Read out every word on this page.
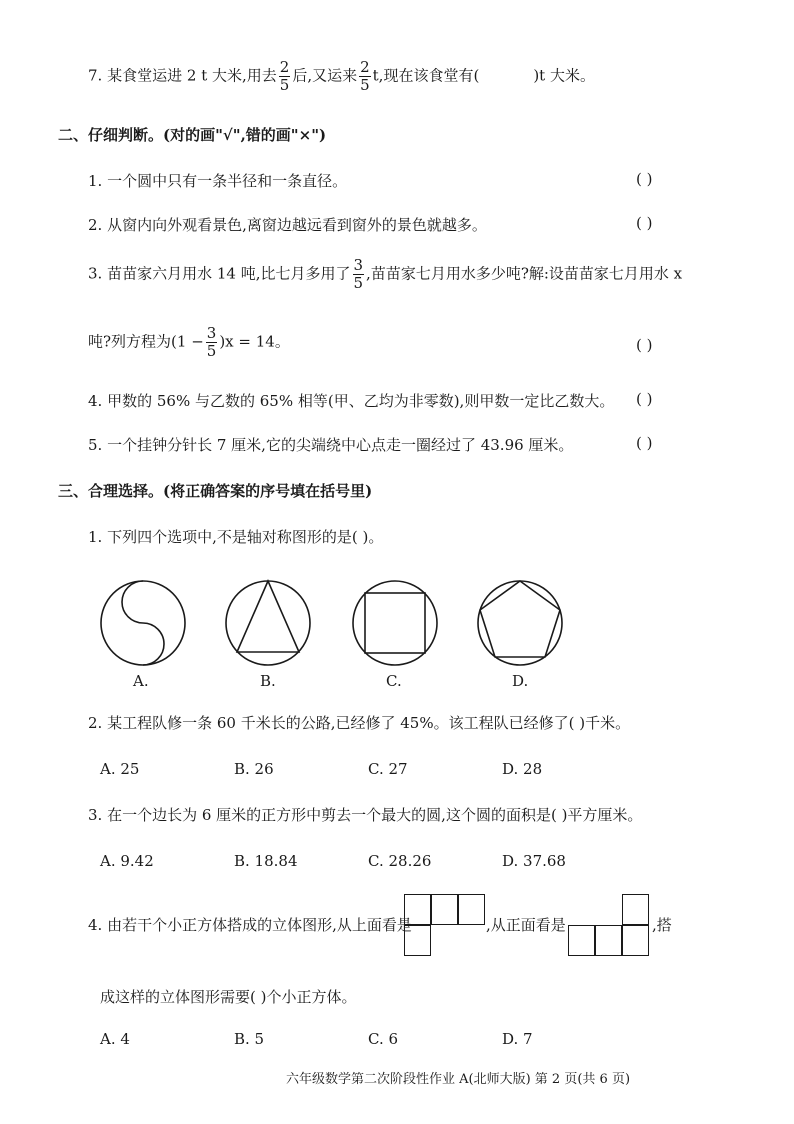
7. 某食堂运进 2 t 大米,用去 $\frac{2}{5}$ 后,又运来 $\frac{2}{5} t$,现在该食堂有(	)t 大米。
二、仔细判断。(对的画"√",错的画"×")
1. 一个圆中只有一条半径和一条直径。	( )
2. 从窗内向外观看景色,离窗边越远看到窗外的景色就越多。	( )
3. 苗苗家六月用水 14 吨,比七月多用了 $\frac{3}{5}$ ,苗苗家七月用水多少吨?解:设苗苗家七月用水 x
吨?列方程为$(1 - \frac{3}{5} )x = 14$。	( )
4. 甲数的 56% 与乙数的 65% 相等(甲、乙均为非零数),则甲数一定比乙数大。 ( )
5. 一个挂钟分针长 7 厘米,它的尖端绕中心点走一圈经过了 43.96 厘米。	( )
三、合理选择。(将正确答案的序号填在括号里)
1. 下列四个选项中,不是轴对称图形的是( )。
A.	B.	C.	D.
2. 某工程队修一条 60 千米长的公路,已经修了 45%。该工程队已经修了( )千米。
A. 25	B. 26	C. 27	D. 28
3. 在一个边长为 6 厘米的正方形中剪去一个最大的圆,这个圆的面积是( )平方厘米。
A. 9.42	B. 18.84	C. 28.26	D. 37.68
4. 由若干个小正方体搭成的立体图形,从上面看是	,从正面看是	,搭
成这样的立体图形需要( )个小正方体。
A. 4	B. 5	C. 6	D. 7
六年级数学第二次阶段性作业 A(北师大版) 第 2 页(共 6 页)
